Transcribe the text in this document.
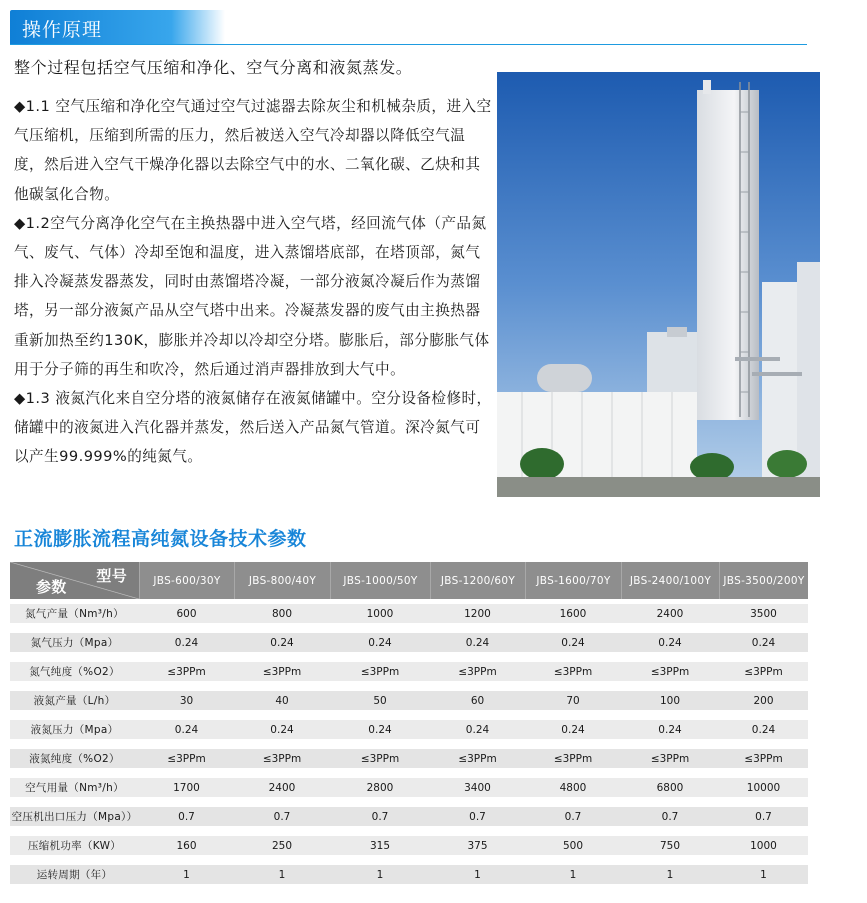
操作原理
整个过程包括空气压缩和净化、空气分离和液氮蒸发。

◆1.1 空气压缩和净化空气通过空气过滤器去除灰尘和机械杂质，进入空气压缩机，压缩到所需的压力，然后被送入空气冷却器以降低空气温度，然后进入空气干燥净化器以去除空气中的水、二氧化碳、乙炔和其他碳氢化合物。

◆1.2空气分离净化空气在主换热器中进入空气塔，经回流气体（产品氮气、废气、气体）冷却至饱和温度，进入蒸馏塔底部，在塔顶部，氮气排入冷凝蒸发器蒸发，同时由蒸馏塔冷凝，一部分液氮冷凝后作为蒸馏塔，另一部分液氮产品从空气塔中出来。冷凝蒸发器的废气由主换热器重新加热至约130K，膨胀并冷却以冷却空分塔。膨胀后，部分膨胀气体用于分子筛的再生和吹冷，然后通过消声器排放到大气中。

◆1.3 液氮汽化来自空分塔的液氮储存在液氮储罐中。空分设备检修时，储罐中的液氮进入汽化器并蒸发，然后送入产品氮气管道。深冷氮气可以产生99.999%的纯氮气。

正流膨胀流程高纯氮设备技术参数
型号
参数	JBS-600/30Y	JBS-800/40Y	JBS-1000/50Y	JBS-1200/60Y	JBS-1600/70Y	JBS-2400/100Y	JBS-3500/200Y
氮气产量（Nm³/h）	600	800	1000	1200	1600	2400	3500
氮气压力（Mpa）	0.24	0.24	0.24	0.24	0.24	0.24	0.24
氮气纯度（%O2）	≤3PPm	≤3PPm	≤3PPm	≤3PPm	≤3PPm	≤3PPm	≤3PPm
液氮产量（L/h）	30	40	50	60	70	100	200
液氮压力（Mpa）	0.24	0.24	0.24	0.24	0.24	0.24	0.24
液氮纯度（%O2）	≤3PPm	≤3PPm	≤3PPm	≤3PPm	≤3PPm	≤3PPm	≤3PPm
空气用量（Nm³/h）	1700	2400	2800	3400	4800	6800	10000
空压机出口压力（Mpa））	0.7	0.7	0.7	0.7	0.7	0.7	0.7
压缩机功率（KW）	160	250	315	375	500	750	1000
运转周期（年）	1	1	1	1	1	1	1
